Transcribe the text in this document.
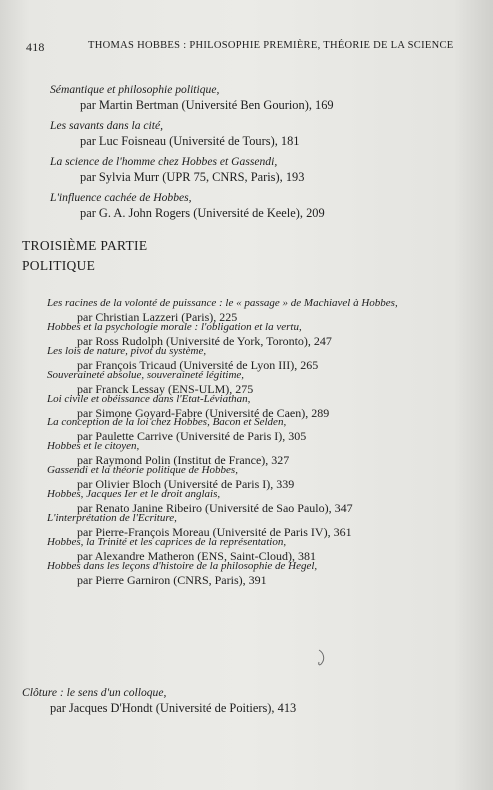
418	THOMAS HOBBES : PHILOSOPHIE PREMIÈRE, THÉORIE DE LA SCIENCE
Sémantique et philosophie politique,
par Martin Bertman (Université Ben Gourion), 169
Les savants dans la cité,
par Luc Foisneau (Université de Tours), 181
La science de l'homme chez Hobbes et Gassendi,
par Sylvia Murr (UPR 75, CNRS, Paris), 193
L'influence cachée de Hobbes,
par G. A. John Rogers (Université de Keele), 209
TROISIÈME PARTIE
POLITIQUE
Les racines de la volonté de puissance : le « passage » de Machiavel à Hobbes,
par Christian Lazzeri (Paris), 225
Hobbes et la psychologie morale : l'obligation et la vertu,
par Ross Rudolph (Université de York, Toronto), 247
Les lois de nature, pivot du système,
par François Tricaud (Université de Lyon III), 265
Souveraineté absolue, souveraineté légitime,
par Franck Lessay (ENS-ULM), 275
Loi civile et obéissance dans l'Etat-Léviathan,
par Simone Goyard-Fabre (Université de Caen), 289
La conception de la loi chez Hobbes, Bacon et Selden,
par Paulette Carrive (Université de Paris I), 305
Hobbes et le citoyen,
par Raymond Polin (Institut de France), 327
Gassendi et la théorie politique de Hobbes,
par Olivier Bloch (Université de Paris I), 339
Hobbes, Jacques Ier et le droit anglais,
par Renato Janine Ribeiro (Université de Sao Paulo), 347
L'interprétation de l'Ecriture,
par Pierre-François Moreau (Université de Paris IV), 361
Hobbes, la Trinité et les caprices de la représentation,
par Alexandre Matheron (ENS, Saint-Cloud), 381
Hobbes dans les leçons d'histoire de la philosophie de Hegel,
par Pierre Garniron (CNRS, Paris), 391
Clôture : le sens d'un colloque,
par Jacques D'Hondt (Université de Poitiers), 413
